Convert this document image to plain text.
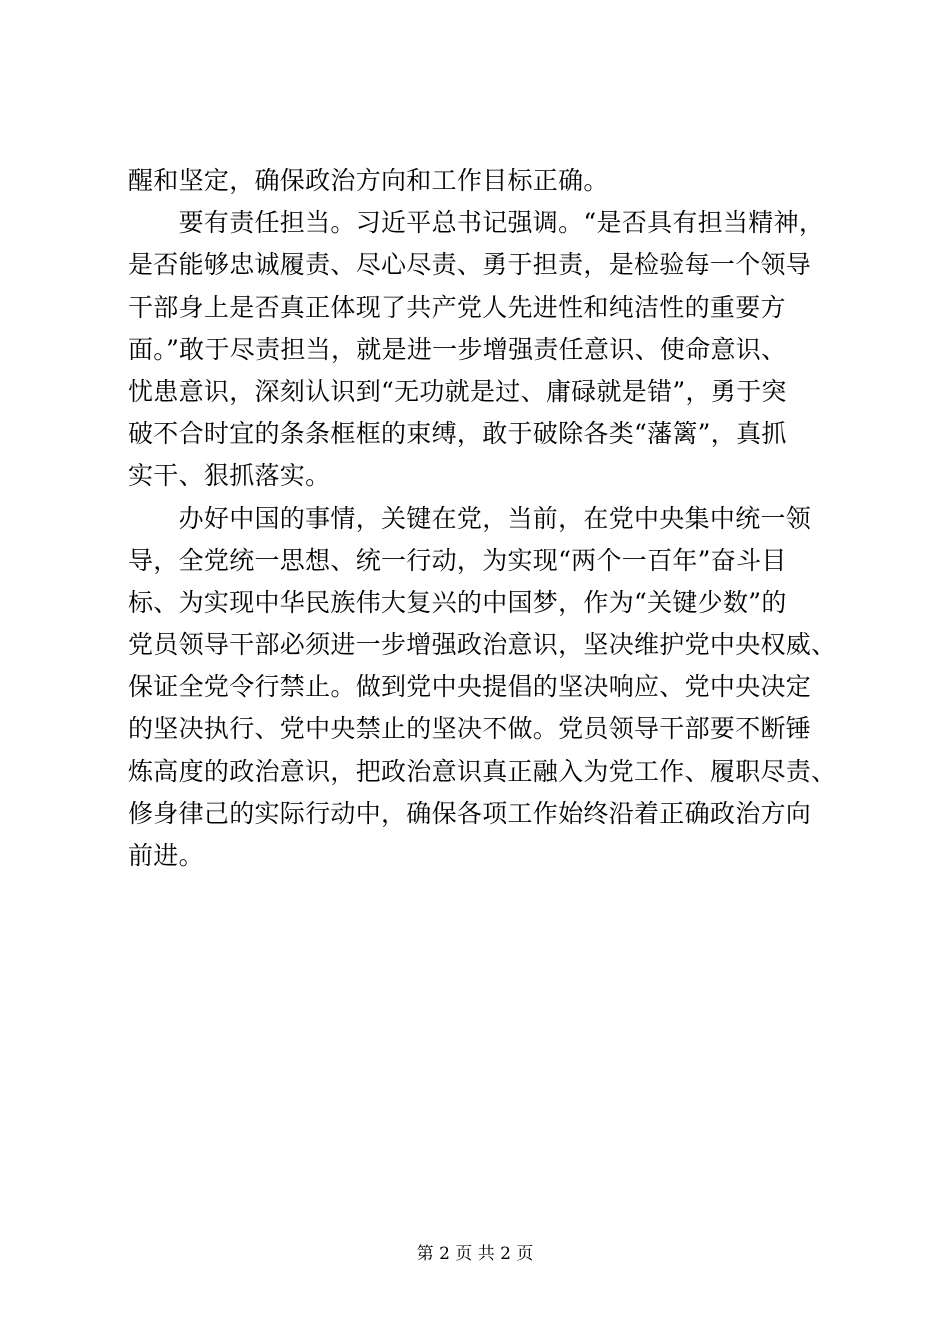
醒和坚定，确保政治方向和工作目标正确。
　　要有责任担当。习近平总书记强调。“是否具有担当精神，
是否能够忠诚履责、尽心尽责、勇于担责，是检验每一个领导
干部身上是否真正体现了共产党人先进性和纯洁性的重要方
面。”敢于尽责担当，就是进一步增强责任意识、使命意识、
忧患意识，深刻认识到“无功就是过、庸碌就是错”，勇于突
破不合时宜的条条框框的束缚，敢于破除各类“藩篱”，真抓
实干、狠抓落实。
　　办好中国的事情，关键在党，当前，在党中央集中统一领
导，全党统一思想、统一行动，为实现“两个一百年”奋斗目
标、为实现中华民族伟大复兴的中国梦，作为“关键少数”的
党员领导干部必须进一步增强政治意识，坚决维护党中央权威、
保证全党令行禁止。做到党中央提倡的坚决响应、党中央决定
的坚决执行、党中央禁止的坚决不做。党员领导干部要不断锤
炼高度的政治意识，把政治意识真正融入为党工作、履职尽责、
修身律己的实际行动中，确保各项工作始终沿着正确政治方向
前进。
第 2 页 共 2 页
